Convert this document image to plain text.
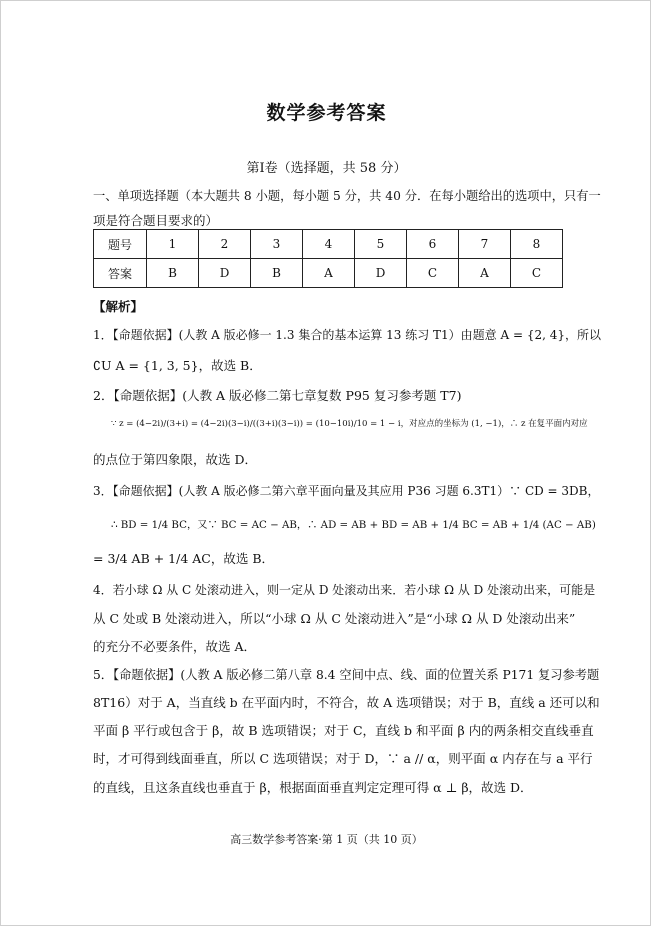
数学参考答案
第Ⅰ卷（选择题，共 58 分）
一、单项选择题（本大题共 8 小题，每小题 5 分，共 40 分．在每小题给出的选项中，只有一
项是符合题目要求的）
题号	1	2	3	4	5	6	7	8
答案	B	D	B	A	D	C	A	C
【解析】
1．【命题依据】(人教 A 版必修一 1.3 集合的基本运算 13 练习 T1）由题意 A = {2, 4}，所以
∁U A = {1, 3, 5}，故选 B．
2．【命题依据】(人教 A 版必修二第七章复数 P95 复习参考题 T7)
∵ z = (4−2i)/(3+i) = (4−2i)(3−i)/((3+i)(3−i)) = (10−10i)/10 = 1 − i，对应点的坐标为 (1, −1)，∴ z 在复平面内对应
的点位于第四象限，故选 D．
3．【命题依据】(人教 A 版必修二第六章平面向量及其应用 P36 习题 6.3T1）∵ CD = 3DB，
∴ BD = 1/4 BC，又∵ BC = AC − AB，∴ AD = AB + BD = AB + 1/4 BC = AB + 1/4 (AC − AB)
= 3/4 AB + 1/4 AC，故选 B．
4．若小球 Ω 从 C 处滚动进入，则一定从 D 处滚动出来．若小球 Ω 从 D 处滚动出来，可能是
从 C 处或 B 处滚动进入，所以“小球 Ω 从 C 处滚动进入”是“小球 Ω 从 D 处滚动出来”
的充分不必要条件，故选 A．
5．【命题依据】(人教 A 版必修二第八章 8.4 空间中点、线、面的位置关系 P171 复习参考题
8T16）对于 A，当直线 b 在平面内时，不符合，故 A 选项错误；对于 B，直线 a 还可以和
平面 β 平行或包含于 β，故 B 选项错误；对于 C，直线 b 和平面 β 内的两条相交直线垂直
时，才可得到线面垂直，所以 C 选项错误；对于 D，∵ a // α，则平面 α 内存在与 a 平行
的直线，且这条直线也垂直于 β，根据面面垂直判定定理可得 α ⊥ β，故选 D．
高三数学参考答案·第 1 页（共 10 页）
